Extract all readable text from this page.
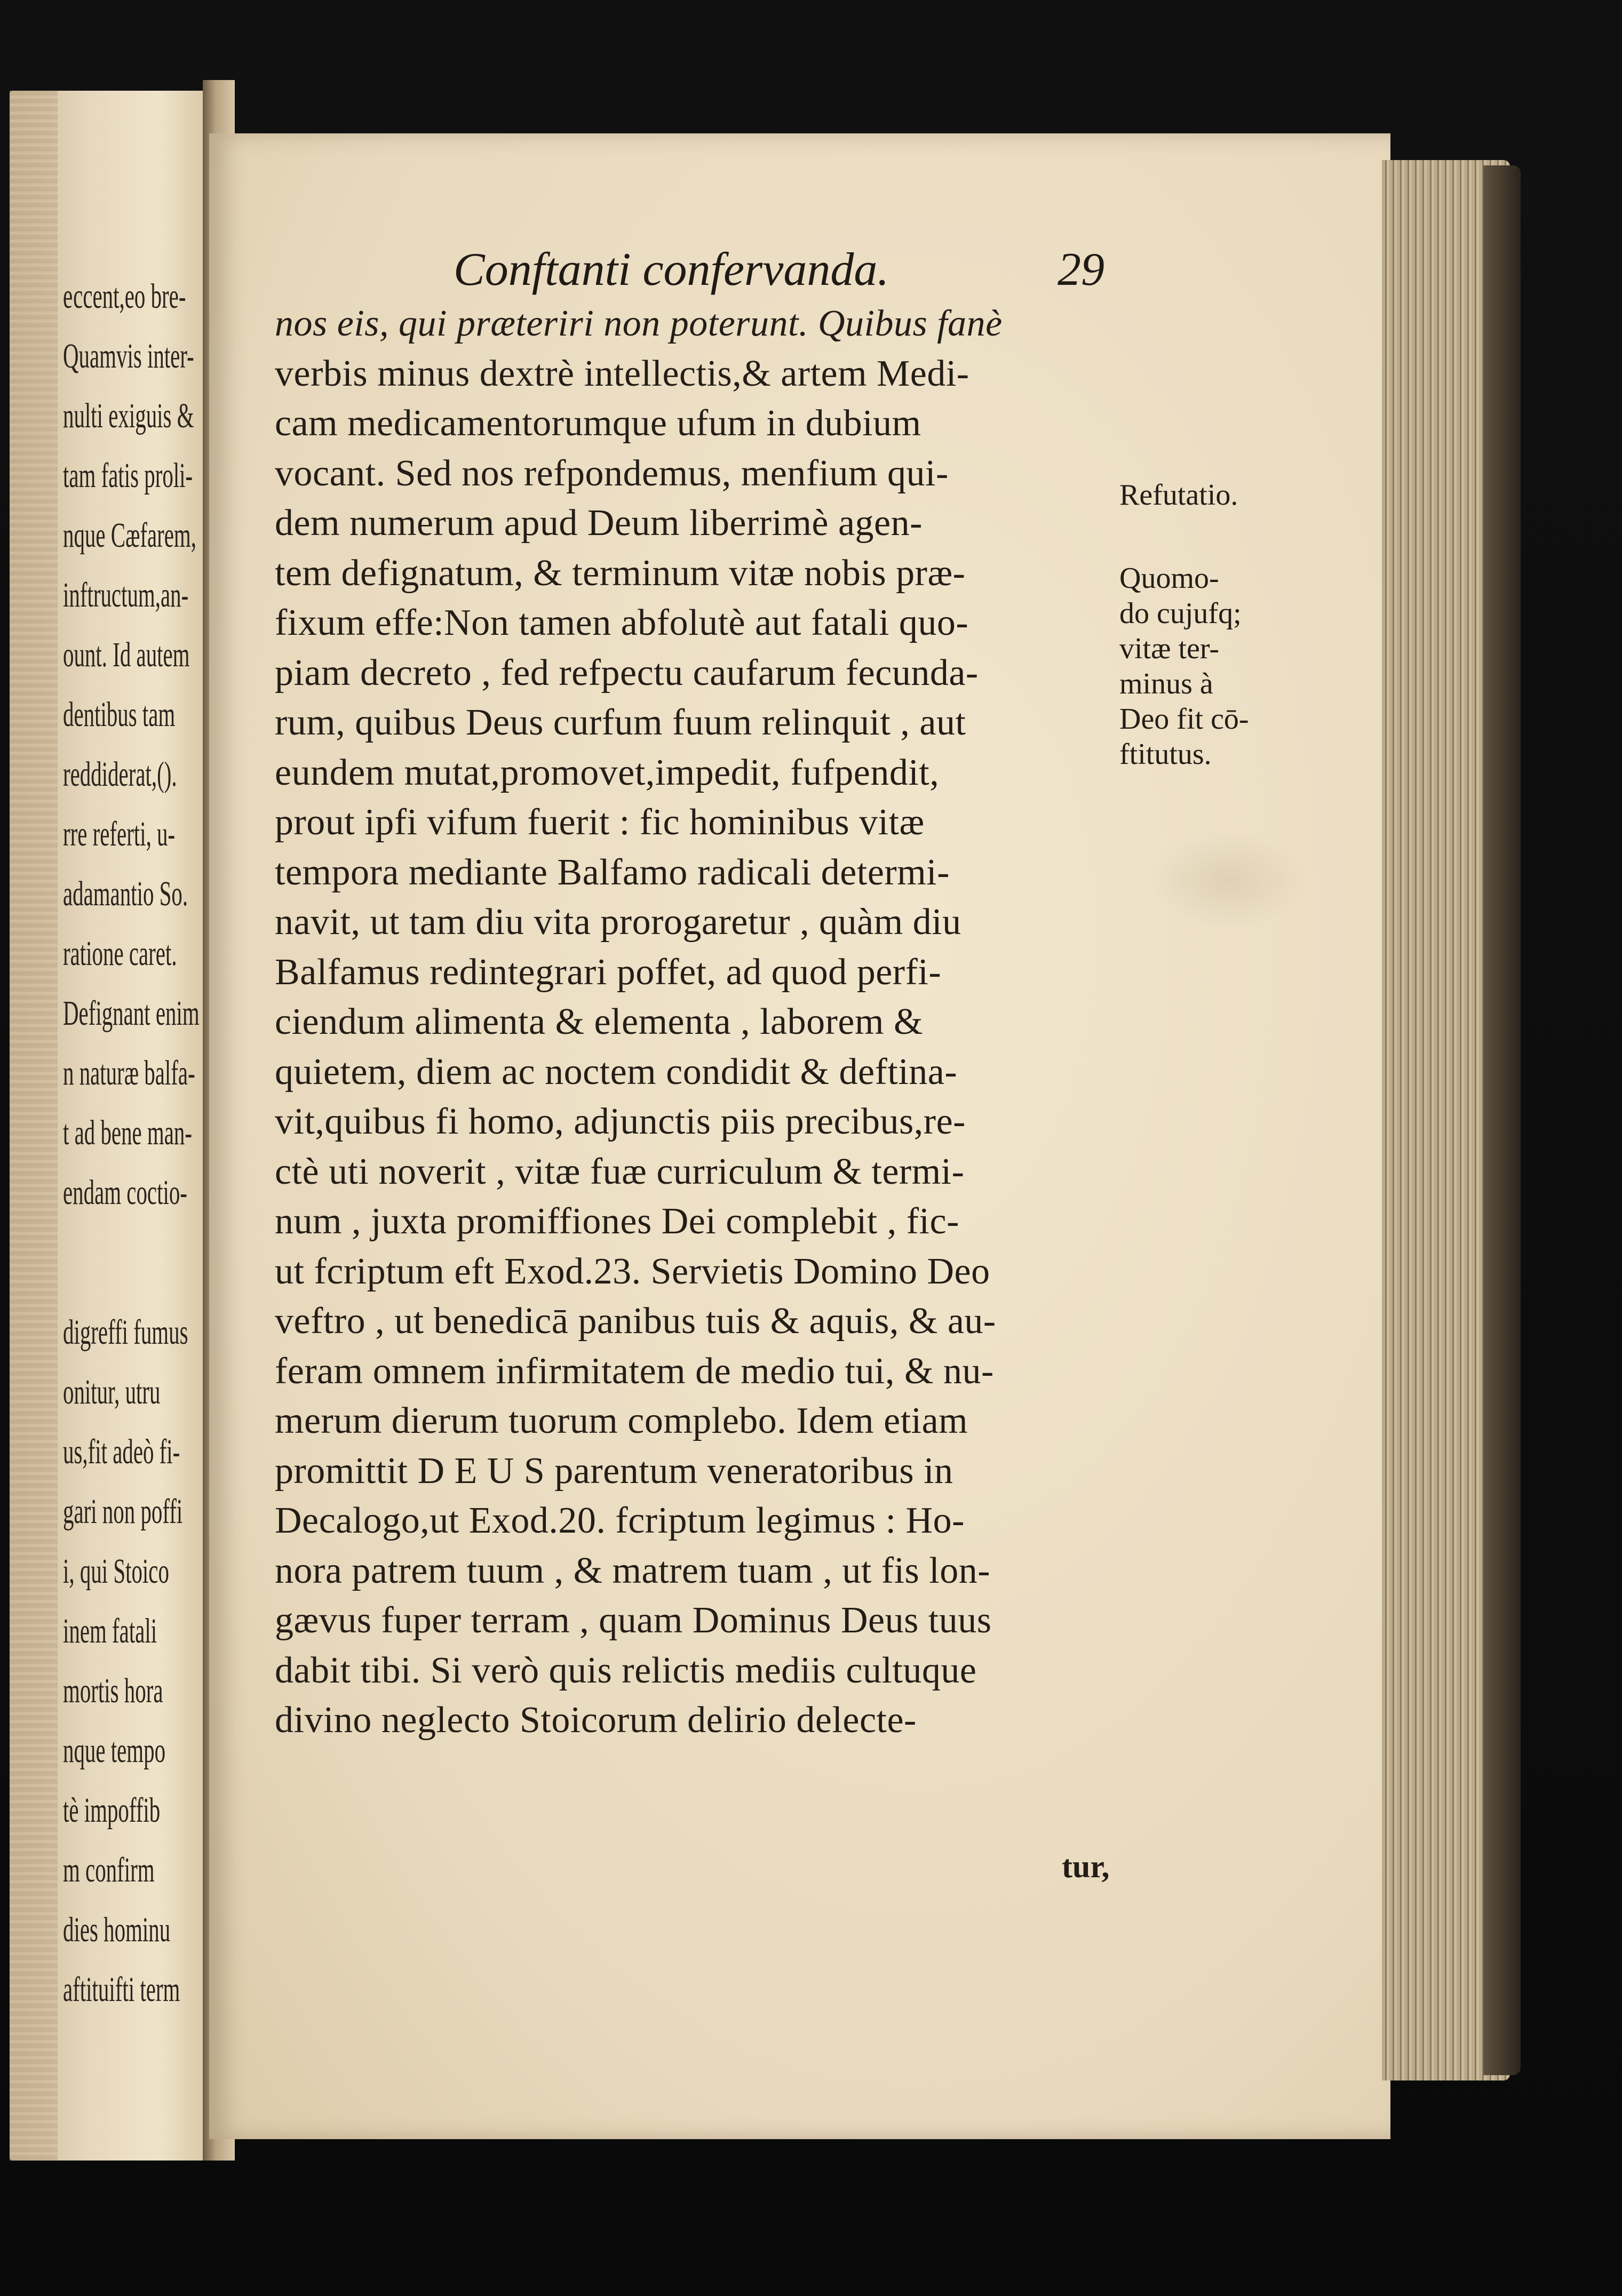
ессent,eo bre-
Quamvis inter-
nulti exiguis &
tam fatis proli-
nque Cæfarem,
inftructum,an-
ount. Id autem
dentibus tam
reddiderat,().
rre referti, u-
adamantio So.
ratione caret.
Defignant enim
n naturæ balfa-
t ad bene man-
endam coctio-
digreffi fumus
onitur, utru
us,fit adeò fi-
gari non poffi
i, qui Stoico
inem fatali
mortis hora
nque tempo
tè impoffib
m confirm
dies hominu
aftituifti term
Conftanti confervanda.	29
nos eis, qui præteriri non poterunt. Quibus fanè
verbis minus dextrè intellectis,& artem Medi-
cam medicamentorumque ufum in dubium
vocant. Sed nos refpondemus, menfium qui-
dem numerum apud Deum liberrimè agen-
tem defignatum, & terminum vitæ nobis præ-
fixum effe:Non tamen abfolutè aut fatali quo-
piam decreto , fed refpectu caufarum fecunda-
rum, quibus Deus curfum fuum relinquit , aut
eundem mutat,promovet,impedit, fufpendit,
prout ipfi vifum fuerit : fic hominibus vitæ
tempora mediante Balfamo radicali determi-
navit, ut tam diu vita prorogaretur , quàm diu
Balfamus redintegrari poffet, ad quod perfi-
ciendum alimenta & elementa , laborem &
quietem, diem ac noctem condidit & deftina-
vit,quibus fi homo, adjunctis piis precibus,re-
ctè uti noverit , vitæ fuæ curriculum & termi-
num , juxta promiffiones Dei complebit , fic-
ut fcriptum eft Exod.23. Servietis Domino Deo
veftro , ut benedicā panibus tuis & aquis, & au-
feram omnem infirmitatem de medio tui, & nu-
merum dierum tuorum complebo. Idem etiam
promittit D E U S parentum veneratoribus in
Decalogo,ut Exod.20. fcriptum legimus : Ho-
nora patrem tuum , & matrem tuam , ut fis lon-
gævus fuper terram , quam Dominus Deus tuus
dabit tibi. Si verò quis relictis mediis cultuque
divino neglecto Stoicorum delirio delecte-
Refutatio.
Quomo-
do cujufq;
vitæ ter-
minus à
Deo fit cō-
ftitutus.
tur,
